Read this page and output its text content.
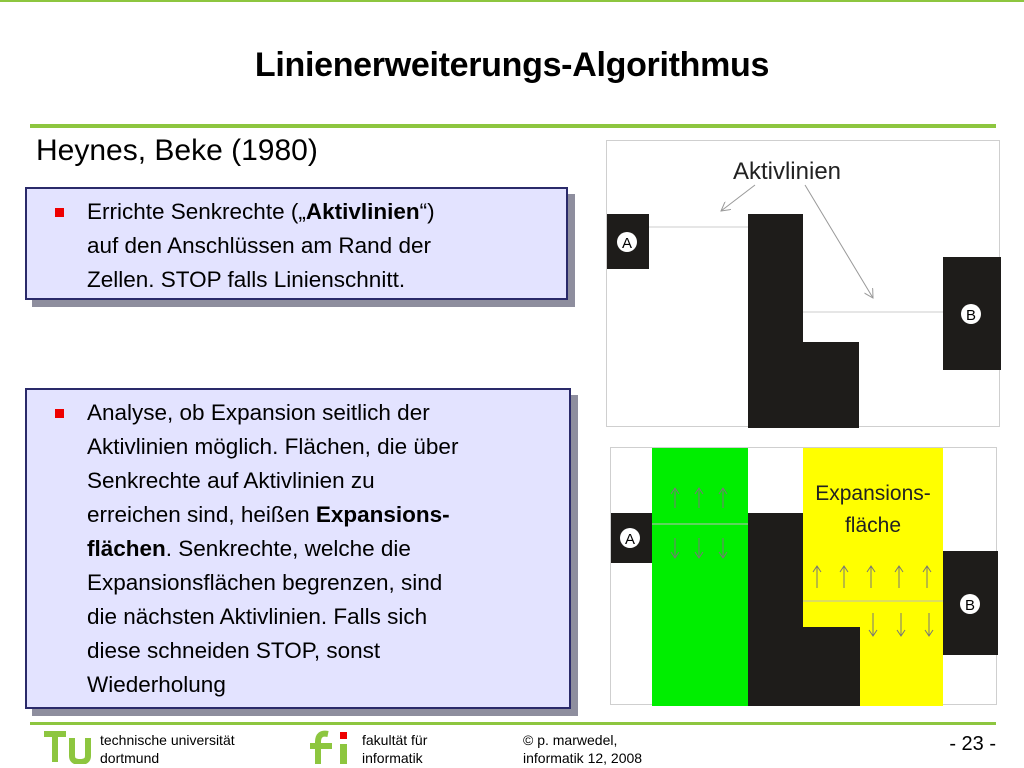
Linienerweiterungs-Algorithmus
Heynes, Beke (1980)
Errichte Senkrechte („Aktivlinien“)
auf den Anschlüssen am Rand der
Zellen. STOP falls Linienschnitt.
Analyse, ob Expansion seitlich der
Aktivlinien möglich. Flächen, die über
Senkrechte auf Aktivlinien zu
erreichen sind, heißen Expansions-
flächen. Senkrechte, welche die
Expansionsflächen begrenzen, sind
die nächsten Aktivlinien. Falls sich
diese schneiden STOP, sonst
Wiederholung
Aktivlinien
A
B
Expansions-
fläche
A
B
technische universität
dortmund
fakultät für
informatik
© p. marwedel,
informatik 12, 2008
- 23 -
